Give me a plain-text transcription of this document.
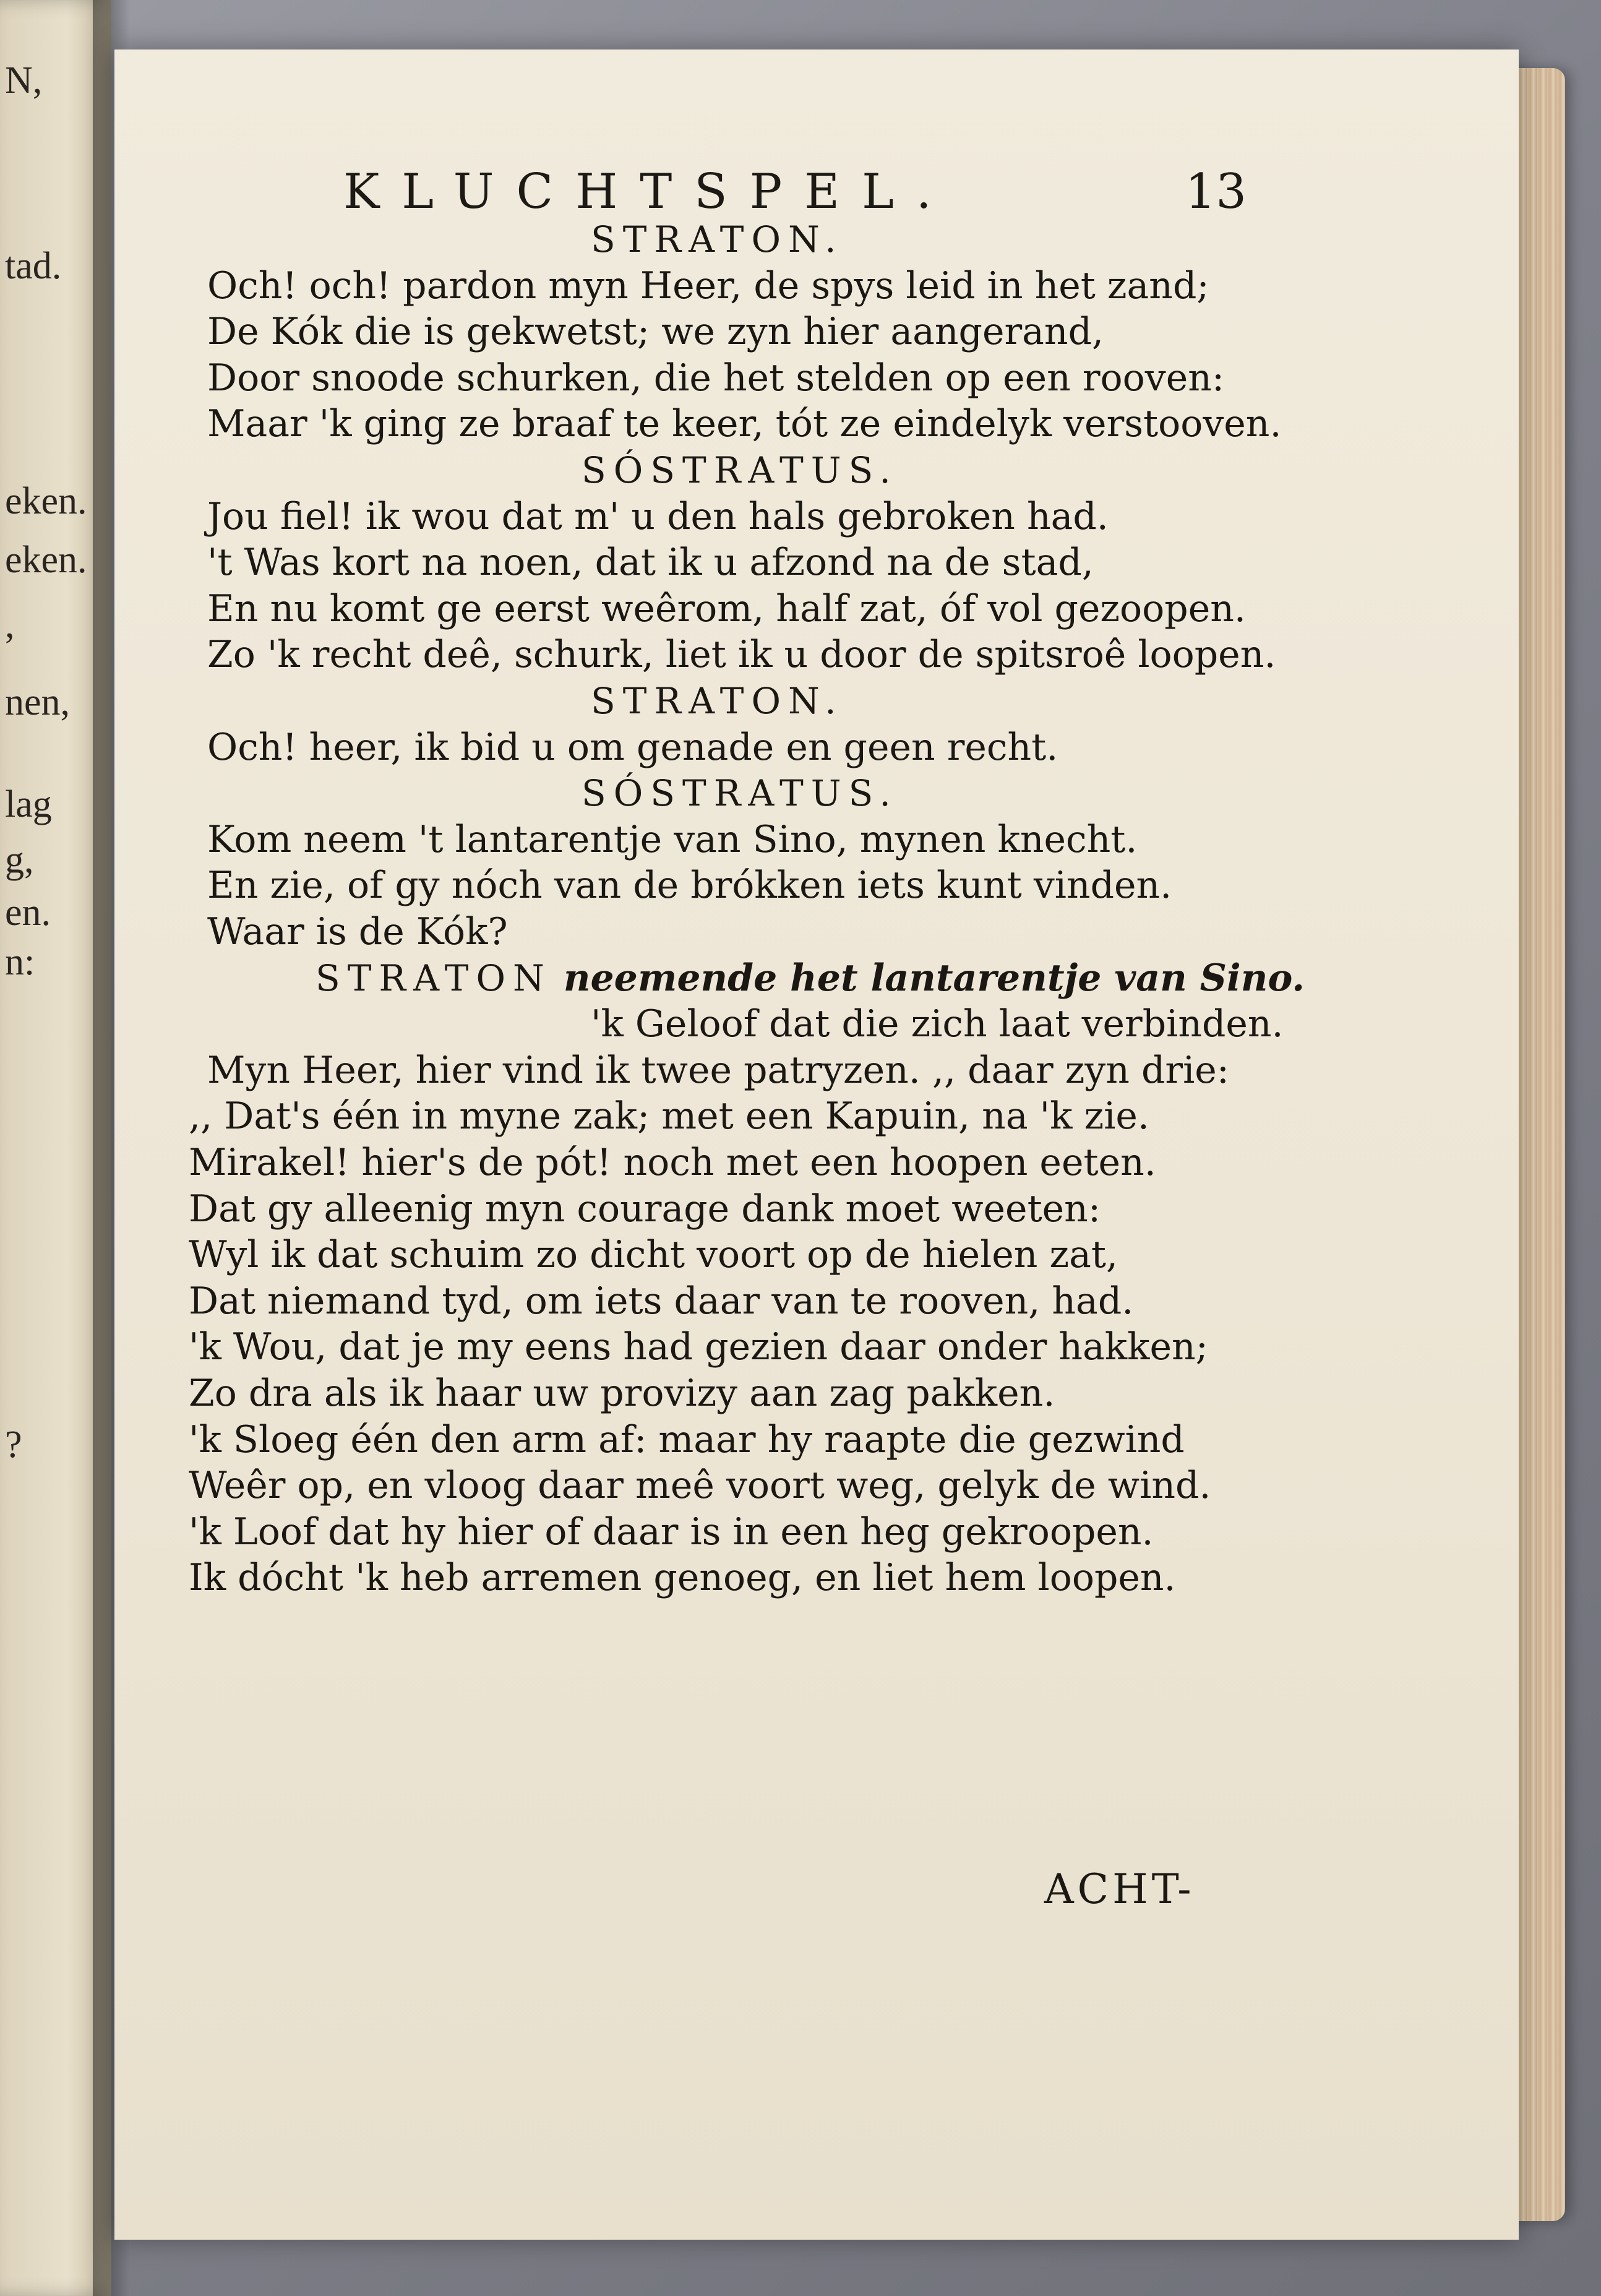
N,
tad.
eken.
eken.
,
nen,
lag
g,
en.
n:
?

KLUCHTSPEL.	13
STRATON.
Och! och! pardon myn Heer, de spys leid in het zand;
De Kók die is gekwetst; we zyn hier aangerand,
Door snoode schurken, die het stelden op een rooven:
Maar 'k ging ze braaf te keer, tót ze eindelyk verstooven.
SÓSTRATUS.
Jou fiel! ik wou dat m' u den hals gebroken had.
't Was kort na noen, dat ik u afzond na de stad,
En nu komt ge eerst weêrom, half zat, óf vol gezoopen.
Zo 'k recht deê, schurk, liet ik u door de spitsroê loopen.
STRATON.
Och! heer, ik bid u om genade en geen recht.
SÓSTRATUS.
Kom neem 't lantarentje van Sino, mynen knecht.
En zie, of gy nóch van de brókken iets kunt vinden.
Waar is de Kók?
STRATON neemende het lantarentje van Sino.
'k Geloof dat die zich laat verbinden.
Myn Heer, hier vind ik twee patryzen. ,, daar zyn drie:
,, Dat's één in myne zak; met een Kapuin, na 'k zie.
Mirakel! hier's de pót! noch met een hoopen eeten.
Dat gy alleenig myn courage dank moet weeten:
Wyl ik dat schuim zo dicht voort op de hielen zat,
Dat niemand tyd, om iets daar van te rooven, had.
'k Wou, dat je my eens had gezien daar onder hakken;
Zo dra als ik haar uw provizy aan zag pakken.
'k Sloeg één den arm af: maar hy raapte die gezwind
Weêr op, en vloog daar meê voort weg, gelyk de wind.
'k Loof dat hy hier of daar is in een heg gekroopen.
Ik dócht 'k heb arremen genoeg, en liet hem loopen.
ACHT-
